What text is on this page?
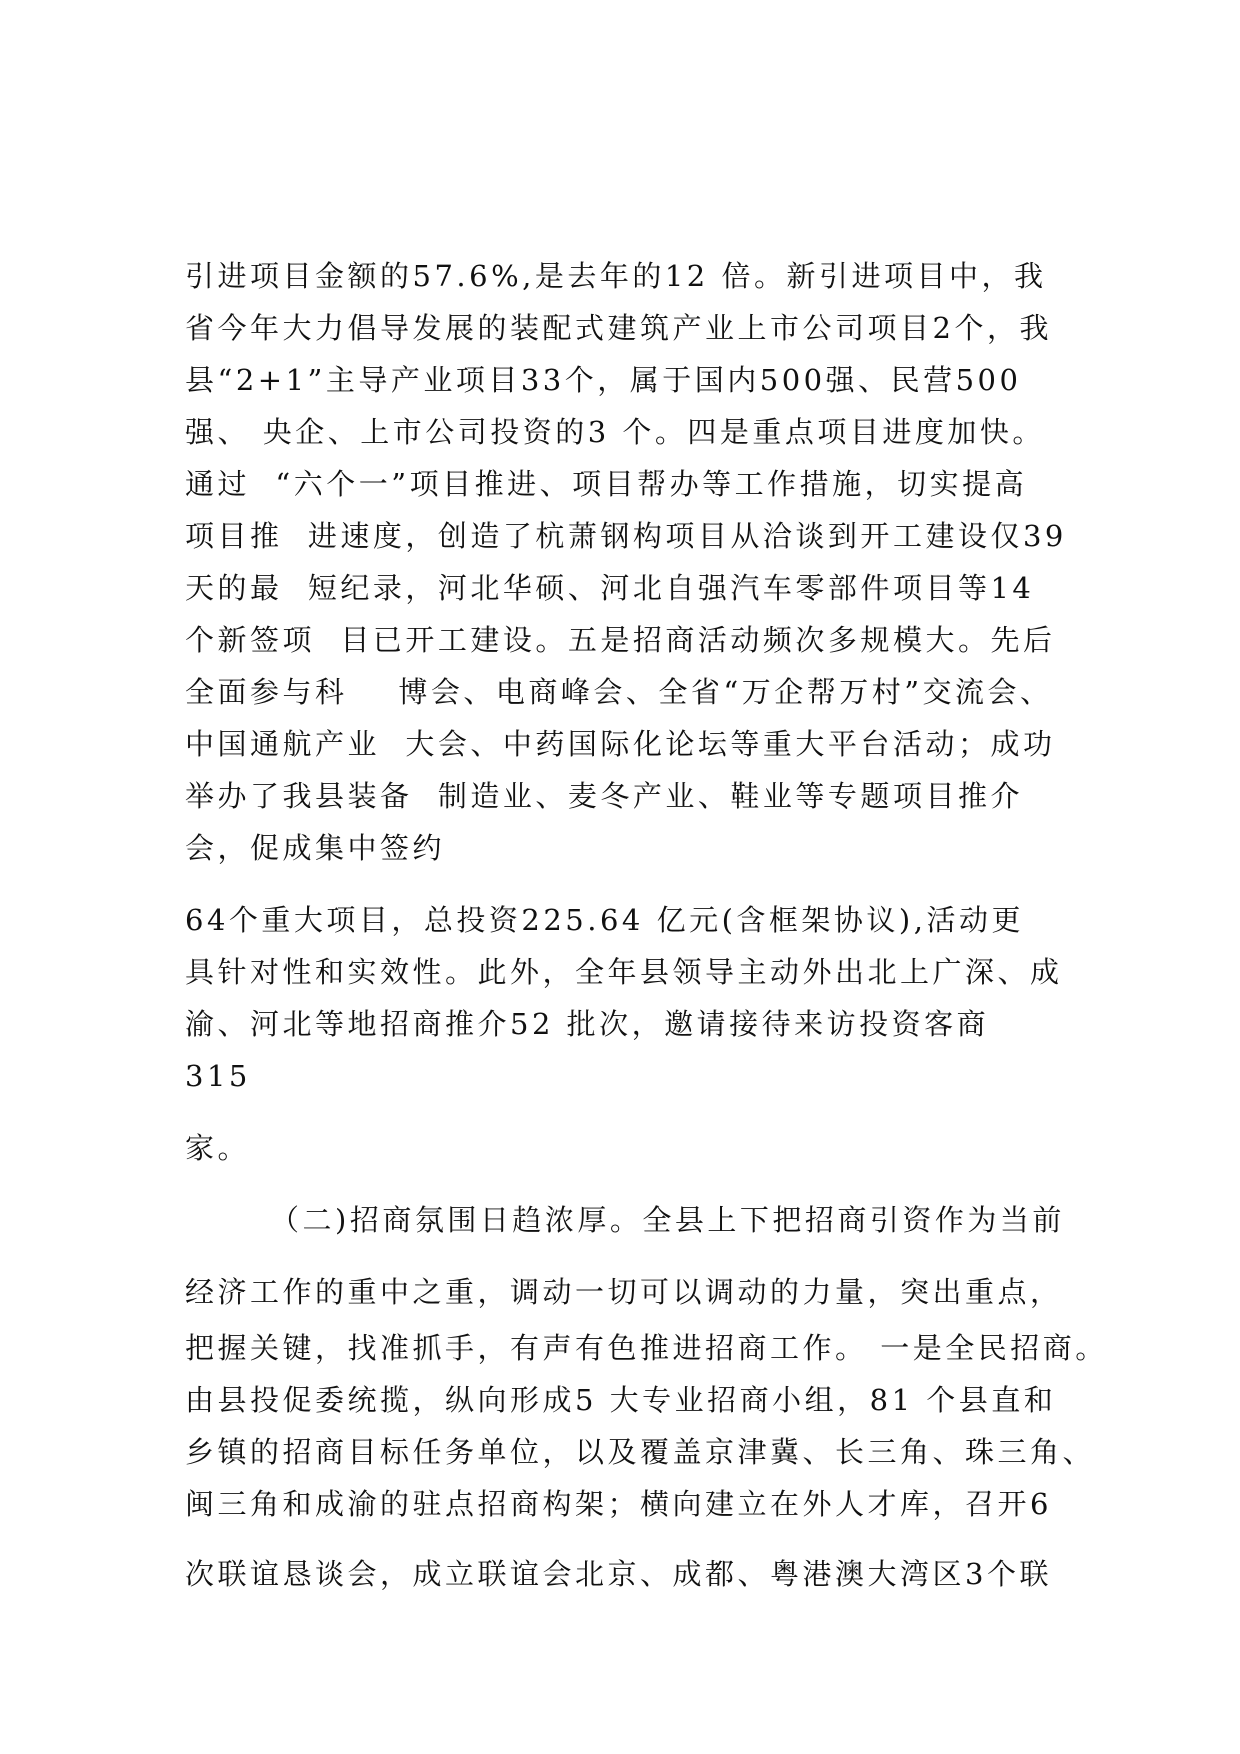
引进项目金额的57.6%,是去年的12 倍。新引进项目中，我
省今年大力倡导发展的装配式建筑产业上市公司项目2个，我
县“2+1”主导产业项目33个，属于国内500强、民营500
强、 央企、上市公司投资的3 个。四是重点项目进度加快。
通过  “六个一”项目推进、项目帮办等工作措施，切实提高
项目推  进速度，创造了杭萧钢构项目从洽谈到开工建设仅39
天的最  短纪录，河北华硕、河北自强汽车零部件项目等14
个新签项  目已开工建设。五是招商活动频次多规模大。先后
全面参与科    博会、电商峰会、全省“万企帮万村”交流会、
中国通航产业  大会、中药国际化论坛等重大平台活动；成功
举办了我县装备  制造业、麦冬产业、鞋业等专题项目推介
会，促成集中签约
64个重大项目，总投资225.64 亿元(含框架协议),活动更
具针对性和实效性。此外，全年县领导主动外出北上广深、成
渝、河北等地招商推介52 批次，邀请接待来访投资客商
315
家。
（二)招商氛围日趋浓厚。全县上下把招商引资作为当前
经济工作的重中之重，调动一切可以调动的力量，突出重点，
把握关键，找准抓手，有声有色推进招商工作。 一是全民招商。
由县投促委统揽，纵向形成5 大专业招商小组，81 个县直和
乡镇的招商目标任务单位，以及覆盖京津冀、长三角、珠三角、
闽三角和成渝的驻点招商构架；横向建立在外人才库，召开6
次联谊恳谈会，成立联谊会北京、成都、粤港澳大湾区3个联
